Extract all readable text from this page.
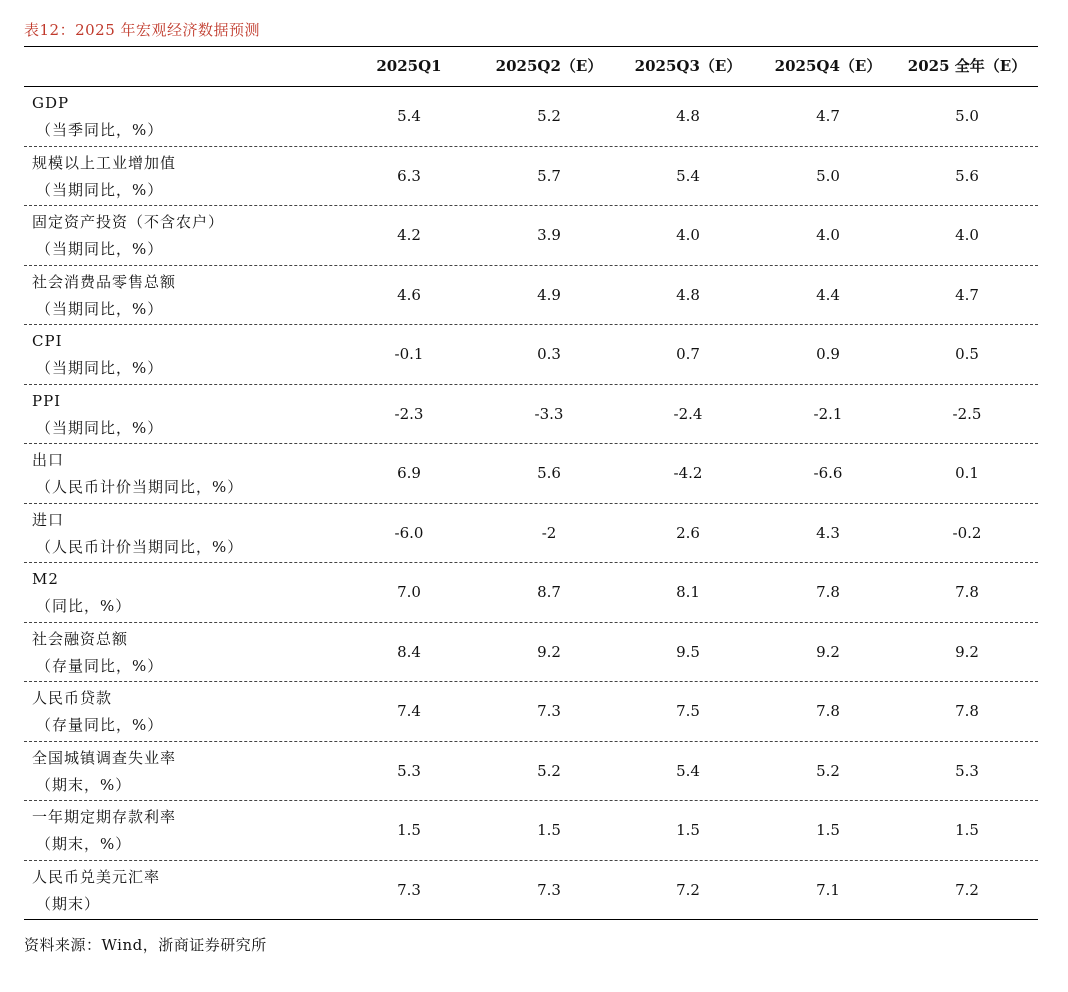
表12：2025 年宏观经济数据预测
2025Q1	2025Q2（E）	2025Q3（E）	2025Q4（E）	2025 全年（E）
GDP
（当季同比，%）
5.4	5.2	4.8	4.7	5.0
规模以上工业增加值
（当期同比，%）
6.3	5.7	5.4	5.0	5.6
固定资产投资（不含农户）
（当期同比，%）
4.2	3.9	4.0	4.0	4.0
社会消费品零售总额
（当期同比，%）
4.6	4.9	4.8	4.4	4.7
CPI
（当期同比，%）
-0.1	0.3	0.7	0.9	0.5
PPI
（当期同比，%）
-2.3	-3.3	-2.4	-2.1	-2.5
出口
（人民币计价当期同比，%）
6.9	5.6	-4.2	-6.6	0.1
进口
（人民币计价当期同比，%）
-6.0	-2	2.6	4.3	-0.2
M2
（同比，%）
7.0	8.7	8.1	7.8	7.8
社会融资总额
（存量同比，%）
8.4	9.2	9.5	9.2	9.2
人民币贷款
（存量同比，%）
7.4	7.3	7.5	7.8	7.8
全国城镇调查失业率
（期末，%）
5.3	5.2	5.4	5.2	5.3
一年期定期存款利率
（期末，%）
1.5	1.5	1.5	1.5	1.5
人民币兑美元汇率
（期末）
7.3	7.3	7.2	7.1	7.2
资料来源：Wind，浙商证券研究所
